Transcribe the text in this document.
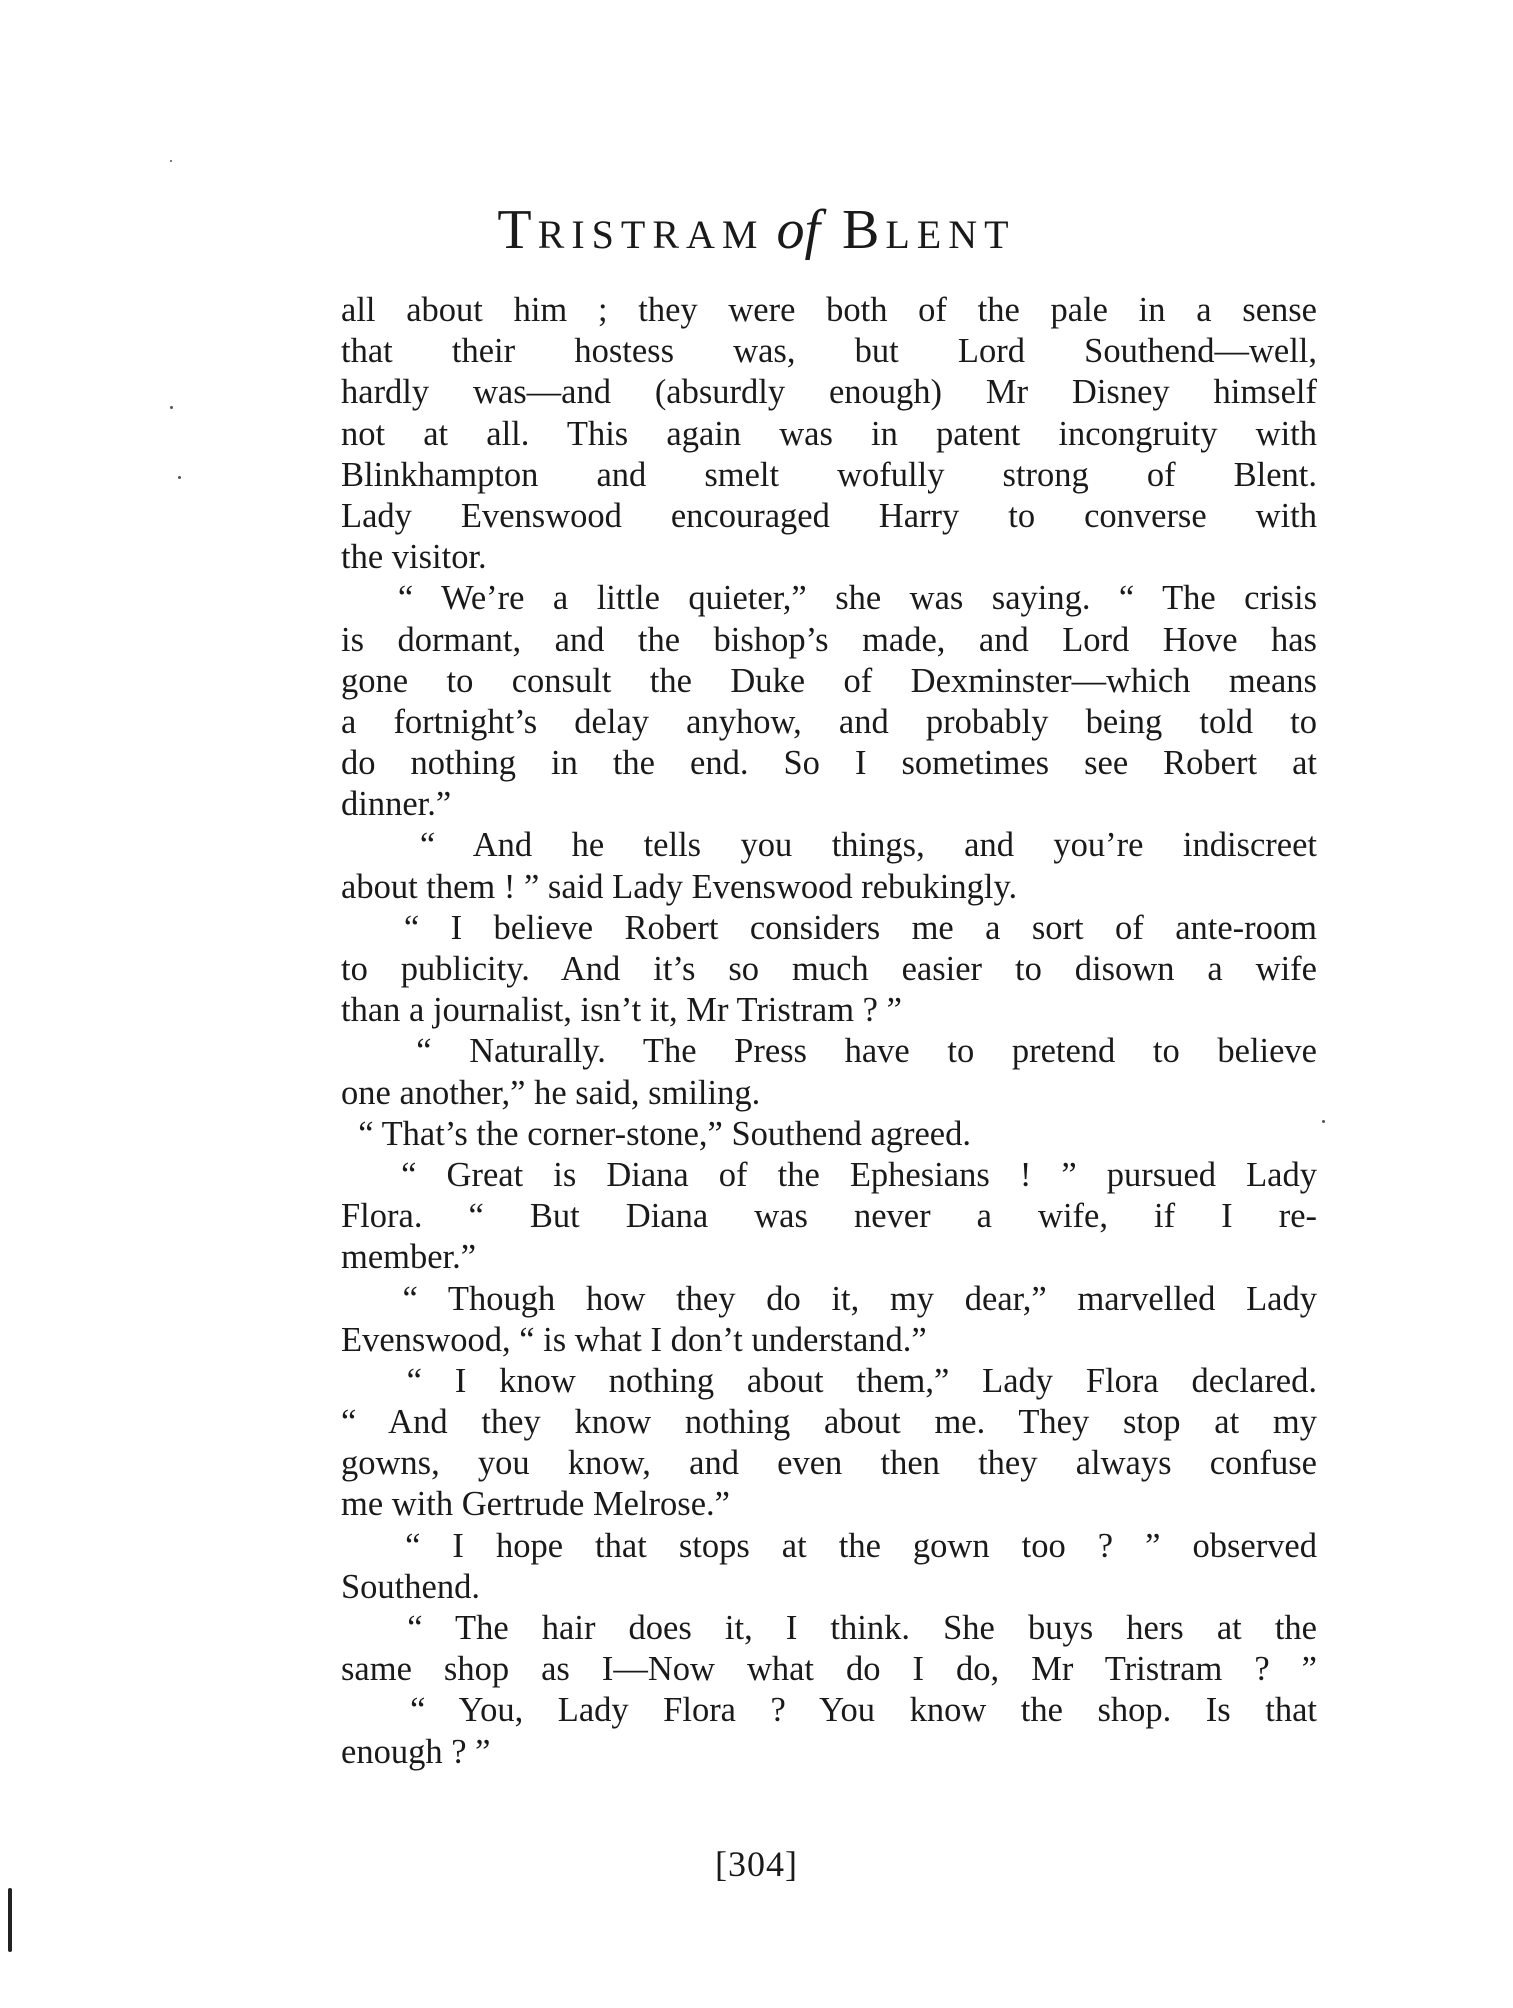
TRISTRAM of BLENT
all about him ; they were both of the pale in a sense
that their hostess was, but Lord Southend—well,
hardly was—and (absurdly enough) Mr Disney himself
not at all. This again was in patent incongruity with
Blinkhampton and smelt wofully strong of Blent.
Lady Evenswood encouraged Harry to converse with
the visitor.
“ We’re a little quieter,” she was saying. “ The crisis
is dormant, and the bishop’s made, and Lord Hove has
gone to consult the Duke of Dexminster—which means
a fortnight’s delay anyhow, and probably being told to
do nothing in the end. So I sometimes see Robert at
dinner.”
“ And he tells you things, and you’re indiscreet
about them ! ” said Lady Evenswood rebukingly.
“ I believe Robert considers me a sort of ante-room
to publicity. And it’s so much easier to disown a wife
than a journalist, isn’t it, Mr Tristram ? ”
“ Naturally. The Press have to pretend to believe
one another,” he said, smiling.
“ That’s the corner-stone,” Southend agreed.
“ Great is Diana of the Ephesians ! ” pursued Lady
Flora. “ But Diana was never a wife, if I re-
member.”
“ Though how they do it, my dear,” marvelled Lady
Evenswood, “ is what I don’t understand.”
“ I know nothing about them,” Lady Flora declared.
“ And they know nothing about me. They stop at my
gowns, you know, and even then they always confuse
me with Gertrude Melrose.”
“ I hope that stops at the gown too ? ” observed
Southend.
“ The hair does it, I think. She buys hers at the
same shop as I—Now what do I do, Mr Tristram ? ”
“ You, Lady Flora ? You know the shop. Is that
enough ? ”
[304]
